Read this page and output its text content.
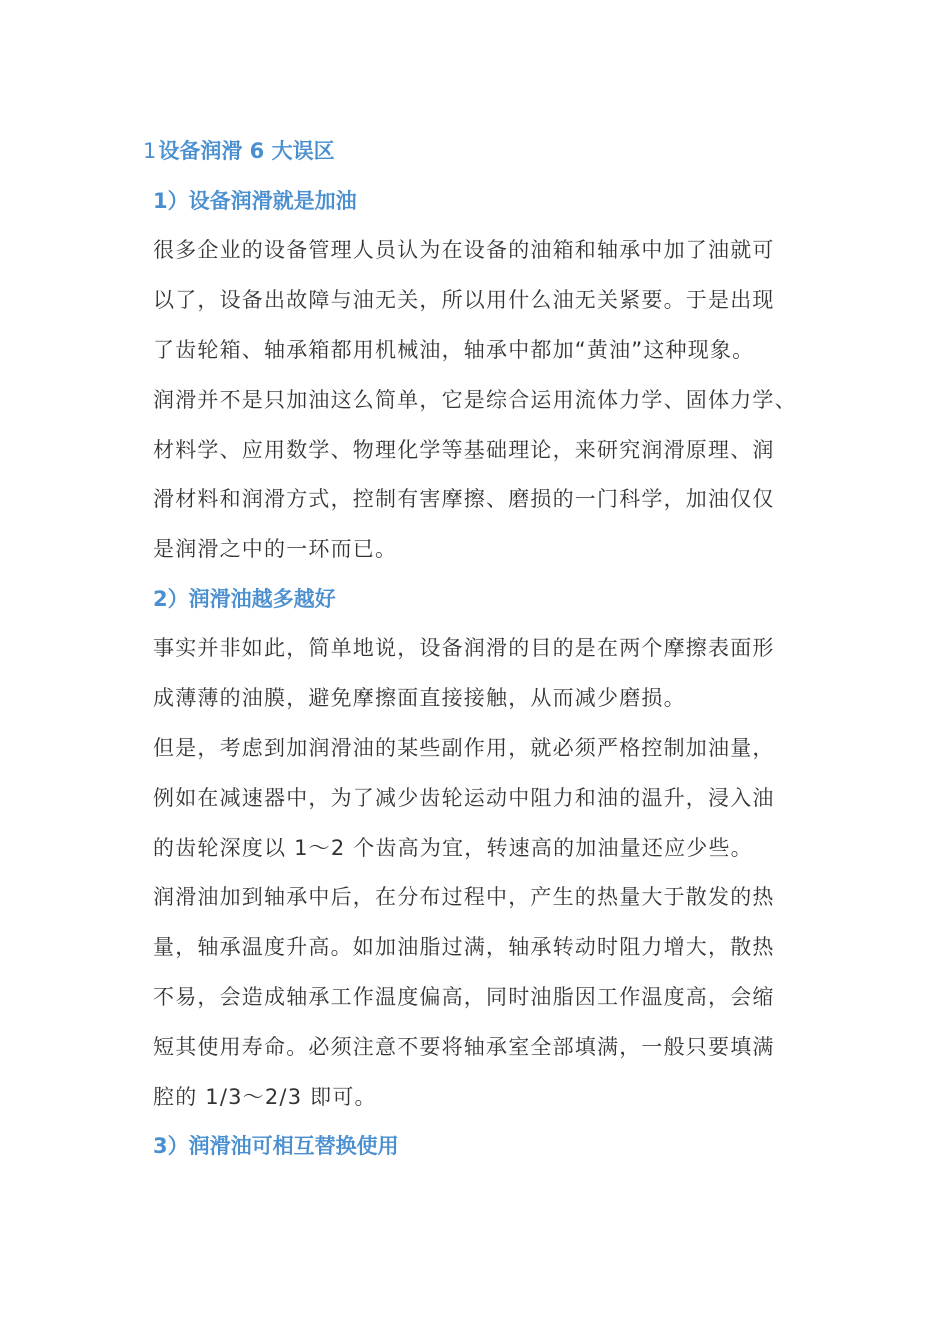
1设备润滑 6 大误区
1）设备润滑就是加油
很多企业的设备管理人员认为在设备的油箱和轴承中加了油就可
以了，设备出故障与油无关，所以用什么油无关紧要。于是出现
了齿轮箱、轴承箱都用机械油，轴承中都加“黄油”这种现象。
润滑并不是只加油这么简单，它是综合运用流体力学、固体力学、
材料学、应用数学、物理化学等基础理论，来研究润滑原理、润
滑材料和润滑方式，控制有害摩擦、磨损的一门科学，加油仅仅
是润滑之中的一环而已。
2）润滑油越多越好
事实并非如此，简单地说，设备润滑的目的是在两个摩擦表面形
成薄薄的油膜，避免摩擦面直接接触，从而减少磨损。
但是，考虑到加润滑油的某些副作用，就必须严格控制加油量，
例如在减速器中，为了减少齿轮运动中阻力和油的温升，浸入油
的齿轮深度以 1～2 个齿高为宜，转速高的加油量还应少些。
润滑油加到轴承中后，在分布过程中，产生的热量大于散发的热
量，轴承温度升高。如加油脂过满，轴承转动时阻力增大，散热
不易，会造成轴承工作温度偏高，同时油脂因工作温度高，会缩
短其使用寿命。必须注意不要将轴承室全部填满，一般只要填满
腔的 1/3～2/3 即可。
3）润滑油可相互替换使用
